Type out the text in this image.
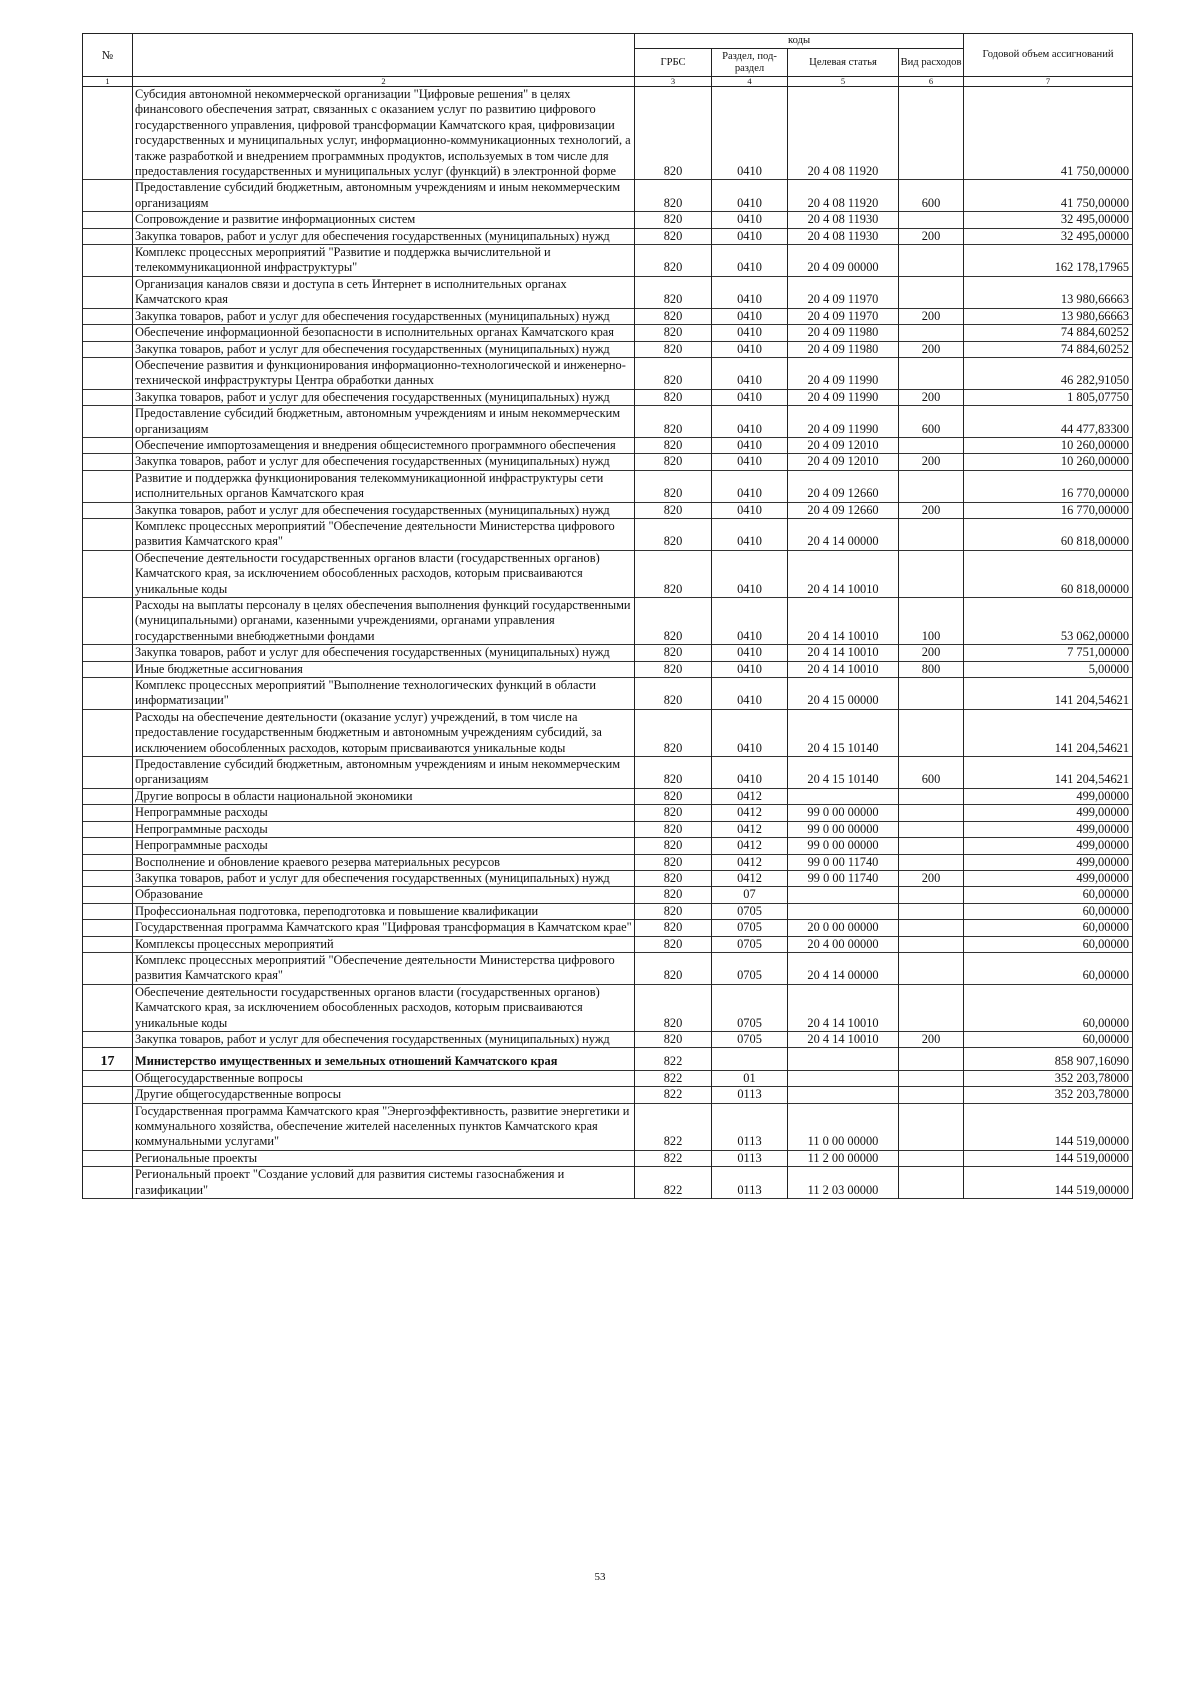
№		коды				Годовой объем ассигнований
		ГРБС	Раздел, под-раздел	Целевая статья	Вид расходов	
1	2	3	4	5	6	7
	Субсидия автономной некоммерческой организации "Цифровые решения" в целях финансового обеспечения затрат, связанных с оказанием услуг по развитию цифрового государственного управления, цифровой трансформации Камчатского края, цифровизации государственных и муниципальных услуг, информационно-коммуникационных технологий, а также разработкой и внедрением программных продуктов, используемых в том числе для предоставления государственных и муниципальных услуг (функций) в электронной форме	820	0410	20 4 08 11920		41 750,00000
	Предоставление субсидий бюджетным, автономным учреждениям и иным некоммерческим организациям	820	0410	20 4 08 11920	600	41 750,00000
	Сопровождение и развитие информационных систем	820	0410	20 4 08 11930		32 495,00000
	Закупка товаров, работ и услуг для обеспечения государственных (муниципальных) нужд	820	0410	20 4 08 11930	200	32 495,00000
	Комплекс процессных мероприятий "Развитие и поддержка вычислительной и телекоммуникационной инфраструктуры"	820	0410	20 4 09 00000		162 178,17965
	Организация каналов связи и доступа в сеть Интернет в исполнительных органах Камчатского края	820	0410	20 4 09 11970		13 980,66663
	Закупка товаров, работ и услуг для обеспечения государственных (муниципальных) нужд	820	0410	20 4 09 11970	200	13 980,66663
	Обеспечение информационной безопасности в исполнительных органах Камчатского края	820	0410	20 4 09 11980		74 884,60252
	Закупка товаров, работ и услуг для обеспечения государственных (муниципальных) нужд	820	0410	20 4 09 11980	200	74 884,60252
	Обеспечение развития и функционирования информационно-технологической и инженерно-технической инфраструктуры Центра обработки данных	820	0410	20 4 09 11990		46 282,91050
	Закупка товаров, работ и услуг для обеспечения государственных (муниципальных) нужд	820	0410	20 4 09 11990	200	1 805,07750
	Предоставление субсидий бюджетным, автономным учреждениям и иным некоммерческим организациям	820	0410	20 4 09 11990	600	44 477,83300
	Обеспечение импортозамещения и внедрения общесистемного программного обеспечения	820	0410	20 4 09 12010		10 260,00000
	Закупка товаров, работ и услуг для обеспечения государственных (муниципальных) нужд	820	0410	20 4 09 12010	200	10 260,00000
	Развитие и поддержка функционирования телекоммуникационной инфраструктуры сети исполнительных органов Камчатского края	820	0410	20 4 09 12660		16 770,00000
	Закупка товаров, работ и услуг для обеспечения государственных (муниципальных) нужд	820	0410	20 4 09 12660	200	16 770,00000
	Комплекс процессных мероприятий "Обеспечение деятельности Министерства цифрового развития Камчатского края"	820	0410	20 4 14 00000		60 818,00000
	Обеспечение деятельности государственных органов власти (государственных органов) Камчатского края, за исключением обособленных расходов, которым присваиваются уникальные коды	820	0410	20 4 14 10010		60 818,00000
	Расходы на выплаты персоналу в целях обеспечения выполнения функций государственными (муниципальными) органами, казенными учреждениями, органами управления государственными внебюджетными фондами	820	0410	20 4 14 10010	100	53 062,00000
	Закупка товаров, работ и услуг для обеспечения государственных (муниципальных) нужд	820	0410	20 4 14 10010	200	7 751,00000
	Иные бюджетные ассигнования	820	0410	20 4 14 10010	800	5,00000
	Комплекс процессных мероприятий "Выполнение технологических функций в области информатизации"	820	0410	20 4 15 00000		141 204,54621
	Расходы на обеспечение деятельности (оказание услуг) учреждений, в том числе на предоставление государственным бюджетным и автономным учреждениям субсидий, за исключением обособленных расходов, которым присваиваются уникальные коды	820	0410	20 4 15 10140		141 204,54621
	Предоставление субсидий бюджетным, автономным учреждениям и иным некоммерческим организациям	820	0410	20 4 15 10140	600	141 204,54621
	Другие вопросы в области национальной экономики	820	0412			499,00000
	Непрограммные расходы	820	0412	99 0 00 00000		499,00000
	Непрограммные расходы	820	0412	99 0 00 00000		499,00000
	Непрограммные расходы	820	0412	99 0 00 00000		499,00000
	Восполнение и обновление краевого резерва материальных ресурсов	820	0412	99 0 00 11740		499,00000
	Закупка товаров, работ и услуг для обеспечения государственных (муниципальных) нужд	820	0412	99 0 00 11740	200	499,00000
	Образование	820	07			60,00000
	Профессиональная подготовка, переподготовка и повышение квалификации	820	0705			60,00000
	Государственная программа Камчатского края "Цифровая трансформация в Камчатском крае"	820	0705	20 0 00 00000		60,00000
	Комплексы процессных мероприятий	820	0705	20 4 00 00000		60,00000
	Комплекс процессных мероприятий "Обеспечение деятельности Министерства цифрового развития Камчатского края"	820	0705	20 4 14 00000		60,00000
	Обеспечение деятельности государственных органов власти (государственных органов) Камчатского края, за исключением обособленных расходов, которым присваиваются уникальные коды	820	0705	20 4 14 10010		60,00000
	Закупка товаров, работ и услуг для обеспечения государственных (муниципальных) нужд	820	0705	20 4 14 10010	200	60,00000
17	Министерство имущественных и земельных отношений Камчатского края	822				858 907,16090
	Общегосударственные вопросы	822	01			352 203,78000
	Другие общегосударственные вопросы	822	0113			352 203,78000
	Государственная программа Камчатского края "Энергоэффективность, развитие энергетики и коммунального хозяйства, обеспечение жителей населенных пунктов Камчатского края коммунальными услугами"	822	0113	11 0 00 00000		144 519,00000
	Региональные проекты	822	0113	11 2 00 00000		144 519,00000
	Региональный проект "Создание условий для развития системы газоснабжения и газификации"	822	0113	11 2 03 00000		144 519,00000
53
